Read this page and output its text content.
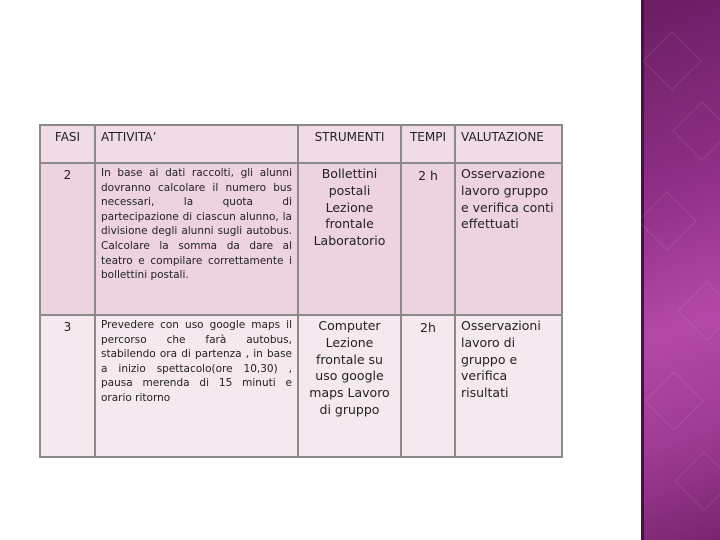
FASI	ATTIVITA’	STRUMENTI	TEMPI	VALUTAZIONE

2	In base ai dati raccolti, gli alunni dovranno calcolare il numero bus necessari, la quota di partecipazione di ciascun alunno, la divisione degli alunni sugli autobus. Calcolare la somma da dare al teatro e compilare correttamente i bollettini postali.	Bollettini postali Lezione frontale Laboratorio	2 h	Osservazione lavoro gruppo e verifica conti effettuati

3	Prevedere con uso google maps il percorso che farà autobus, stabilendo ora di partenza , in base a inizio spettacolo(ore 10,30) , pausa merenda di 15 minuti e orario ritorno	Computer Lezione frontale su uso google maps Lavoro di gruppo	2h	Osservazioni lavoro di gruppo e verifica risultati
